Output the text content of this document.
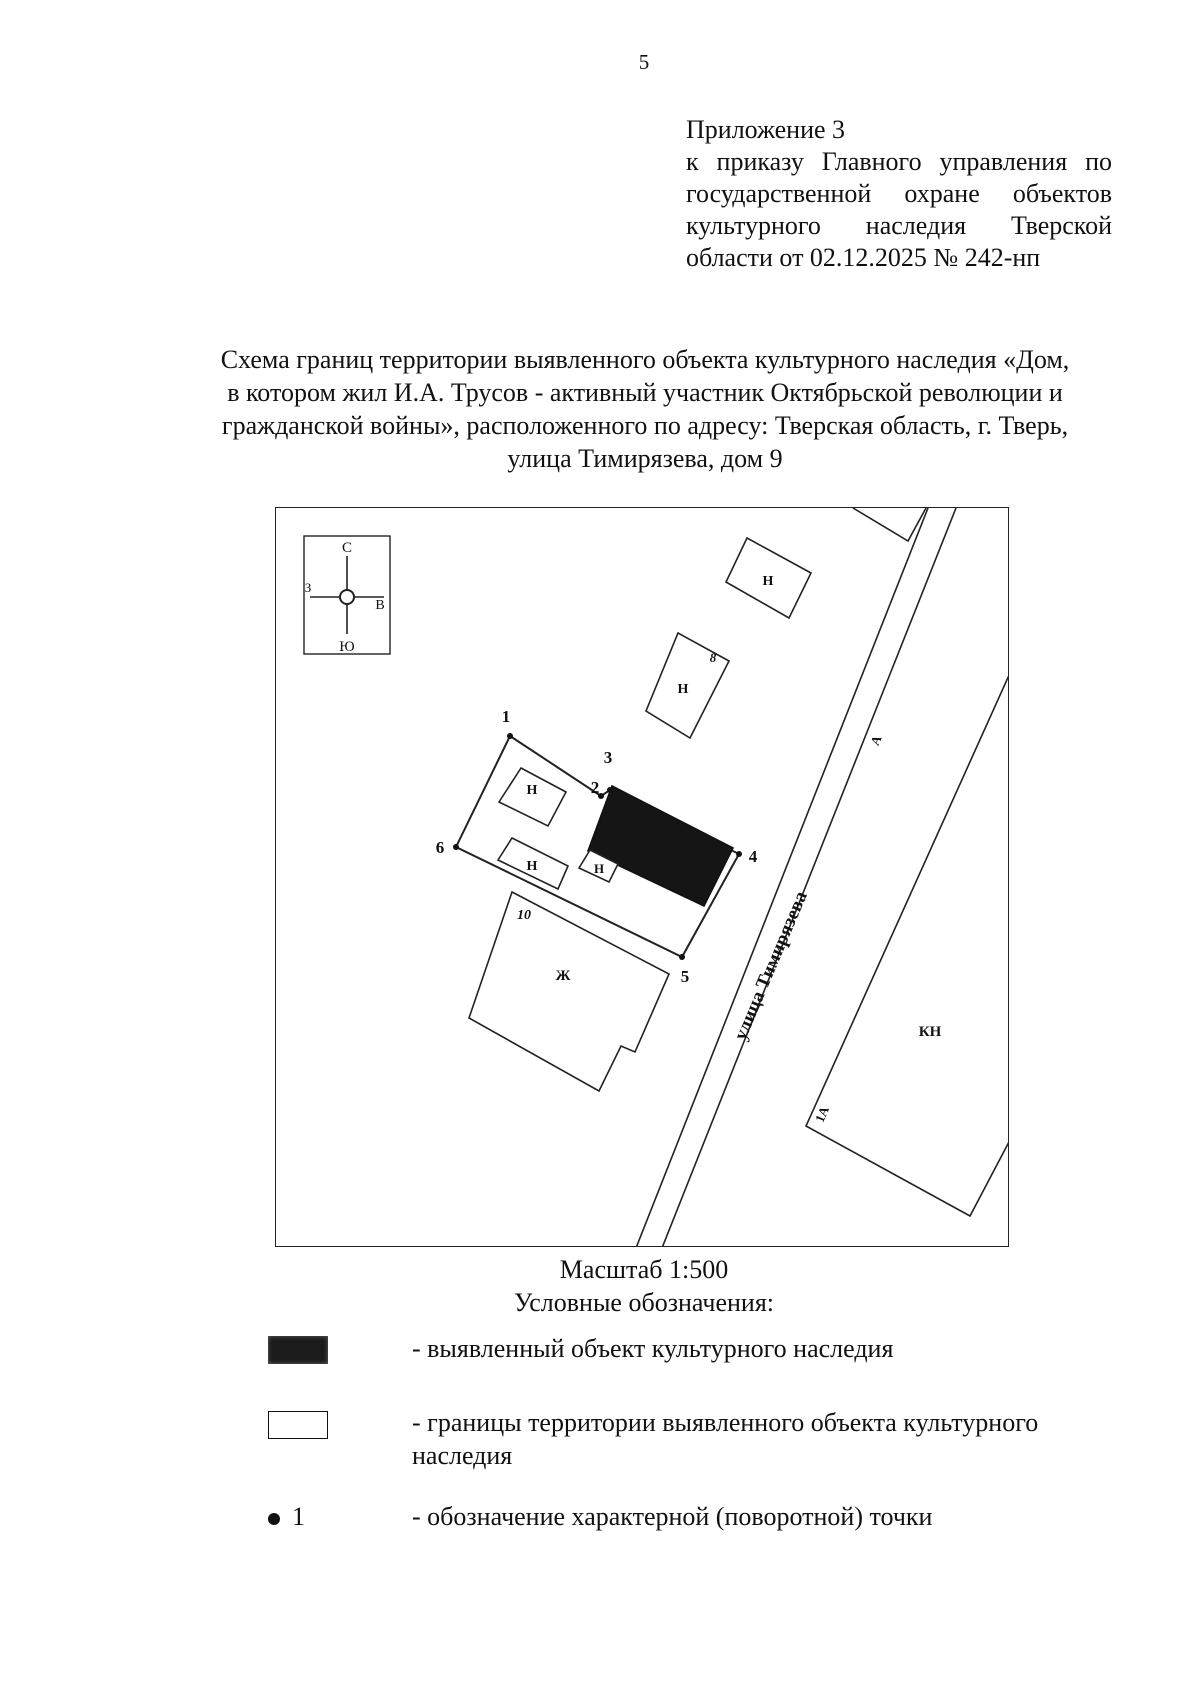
5
Приложение 3
к приказу Главного управления по
государственной охране объектов
культурного наследия Тверской
области от 02.12.2025 № 242-нп
Схема границ территории выявленного объекта культурного наследия «Дом,
в котором жил И.А. Трусов - активный участник Октябрьской революции и
гражданской войны», расположенного по адресу: Тверская область, г. Тверь,
улица Тимирязева, дом 9
С
Ю
З
В
улица Тимирязева
Н
Н
8
Н
Н	Н
Ж
10
КН
1А
А
1
2
3
4
5
6
Масштаб 1:500
Условные обозначения:
- выявленный объект культурного наследия
- границы территории выявленного объекта культурного наследия
1	- обозначение характерной (поворотной) точки
